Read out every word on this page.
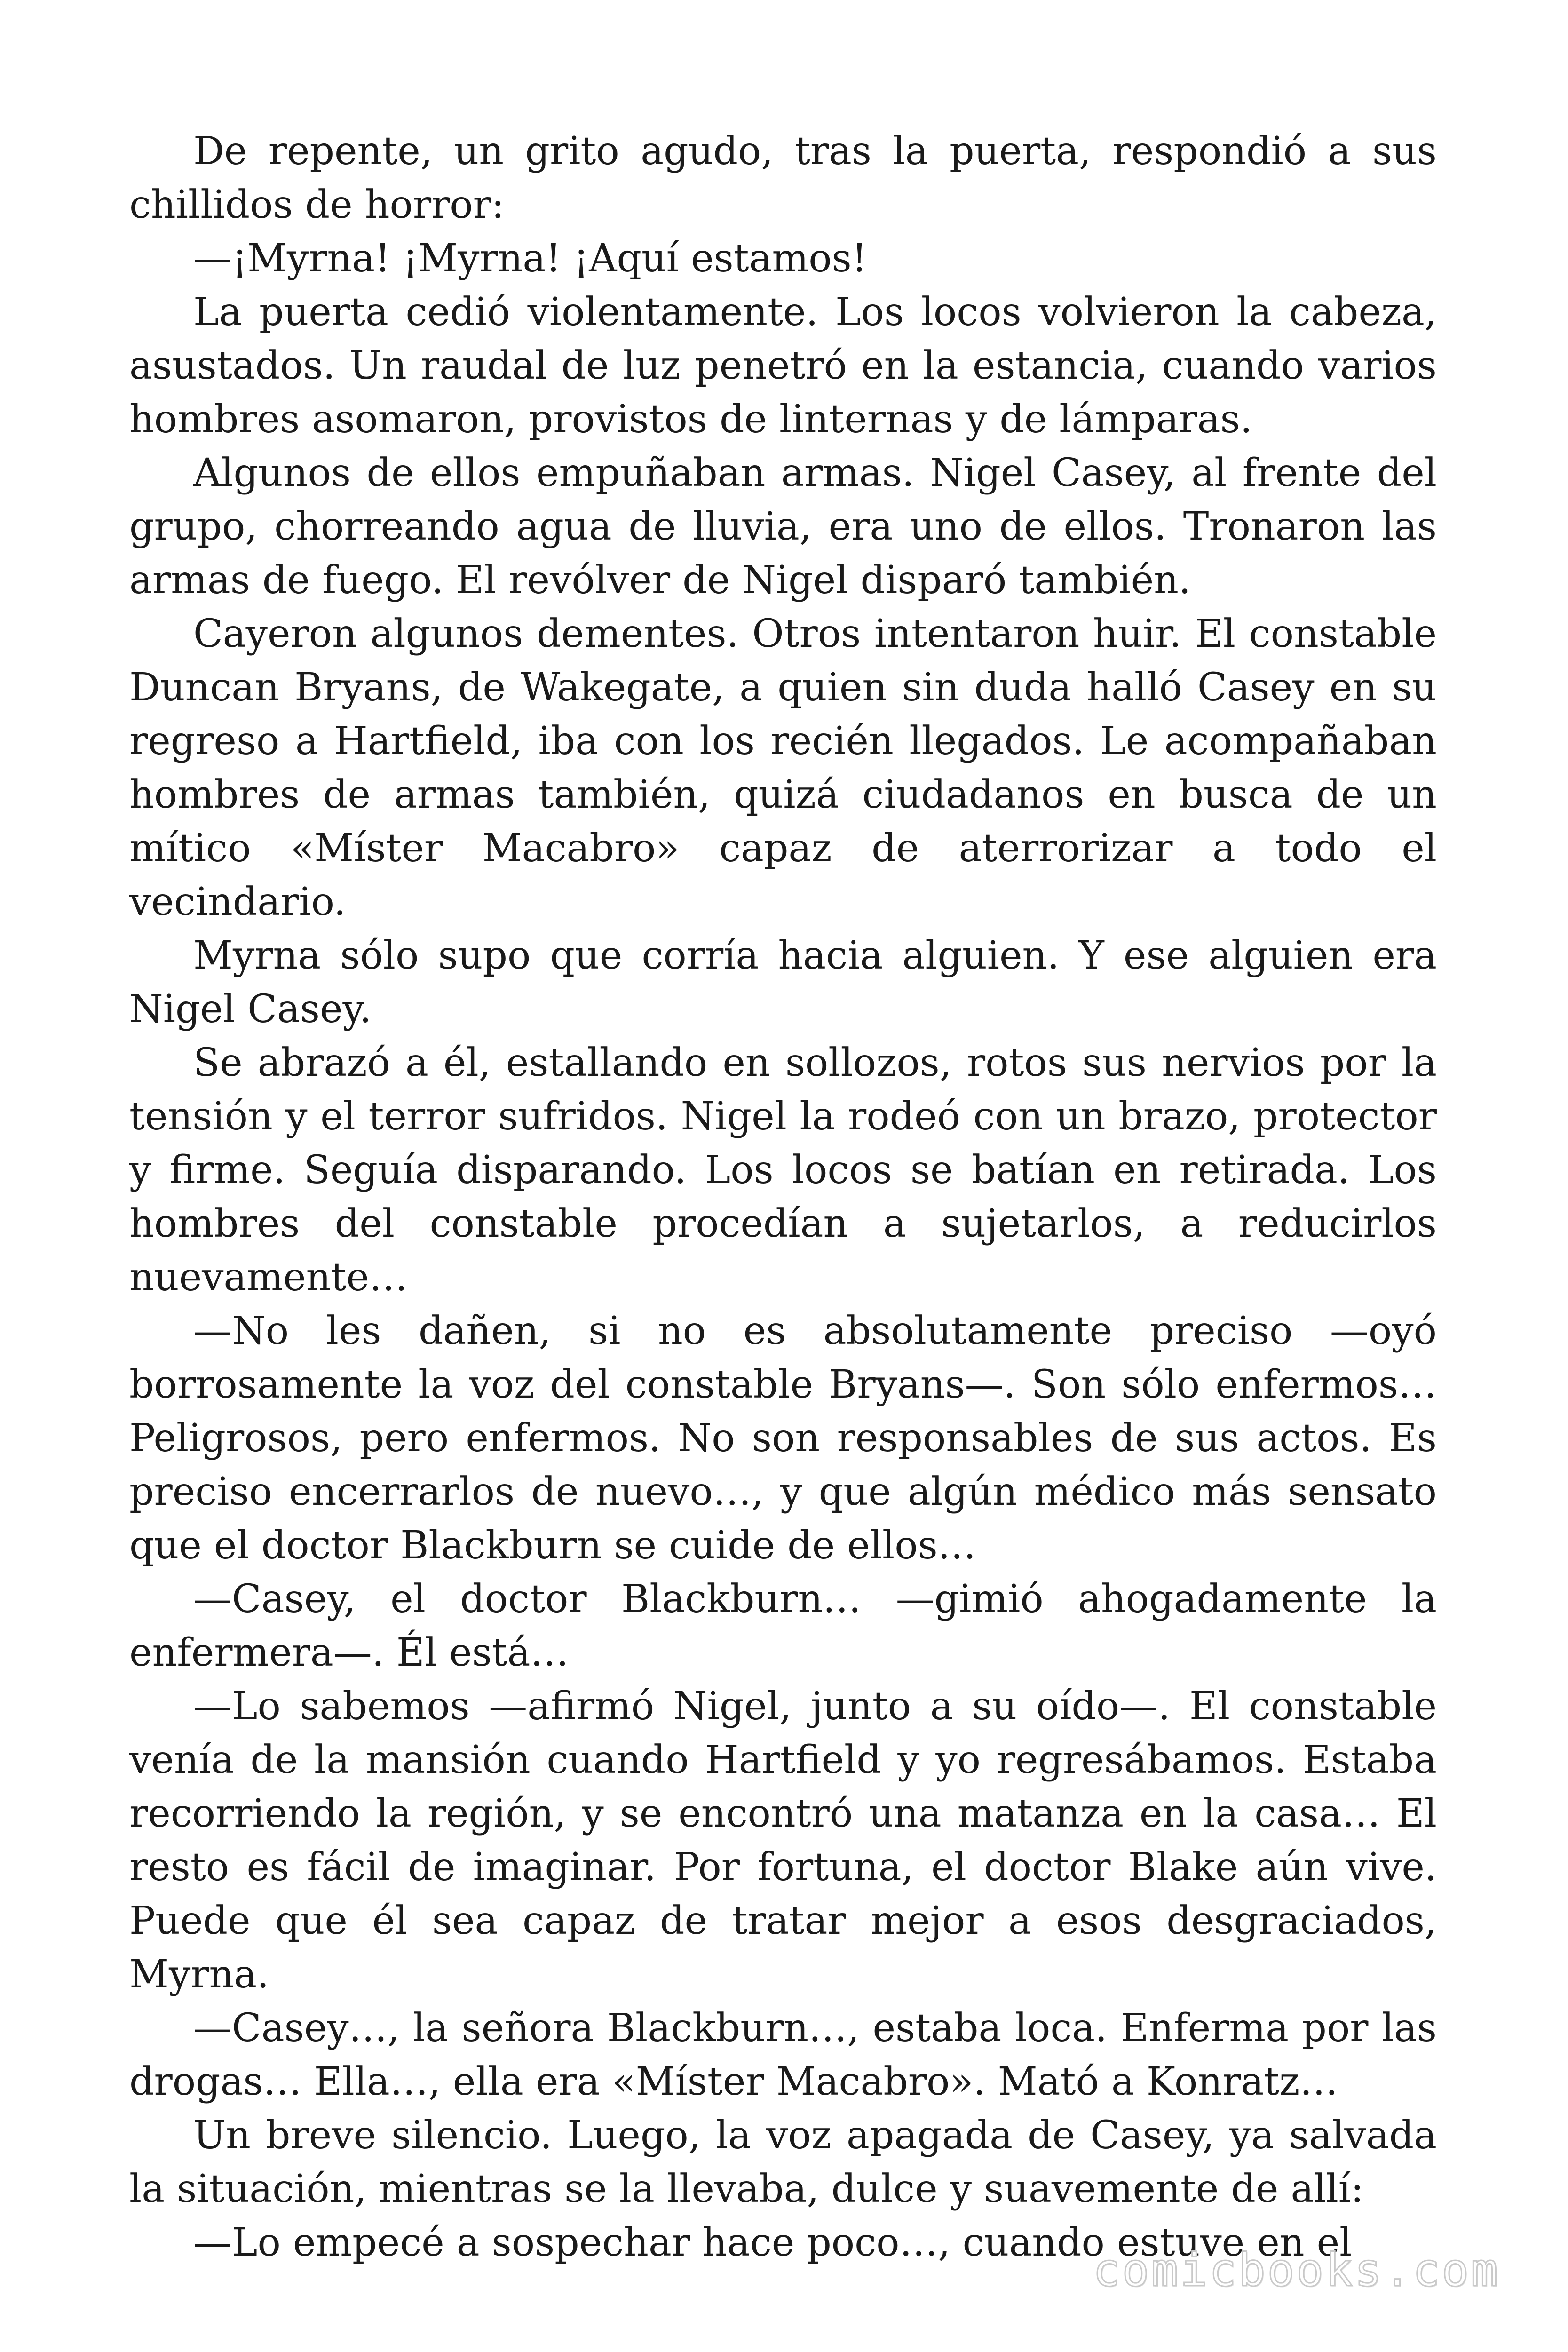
De repente, un grito agudo, tras la puerta, respondió a sus chillidos de horror:

—¡Myrna! ¡Myrna! ¡Aquí estamos!

La puerta cedió violentamente. Los locos volvieron la cabeza, asustados. Un raudal de luz penetró en la estancia, cuando varios hombres asomaron, provistos de linternas y de lámparas.

Algunos de ellos empuñaban armas. Nigel Casey, al frente del grupo, chorreando agua de lluvia, era uno de ellos. Tronaron las armas de fuego. El revólver de Nigel disparó también.

Cayeron algunos dementes. Otros intentaron huir. El constable Duncan Bryans, de Wakegate, a quien sin duda halló Casey en su regreso a Hartfield, iba con los recién llegados. Le acompañaban hombres de armas también, quizá ciudadanos en busca de un mítico «Míster Macabro» capaz de aterrorizar a todo el vecindario.

Myrna sólo supo que corría hacia alguien. Y ese alguien era Nigel Casey.

Se abrazó a él, estallando en sollozos, rotos sus nervios por la tensión y el terror sufridos. Nigel la rodeó con un brazo, protector y firme. Seguía disparando. Los locos se batían en retirada. Los hombres del constable procedían a sujetarlos, a reducirlos nuevamente…

—No les dañen, si no es absolutamente preciso —oyó borrosamente la voz del constable Bryans—. Son sólo enfermos… Peligrosos, pero enfermos. No son responsables de sus actos. Es preciso encerrarlos de nuevo…, y que algún médico más sensato que el doctor Blackburn se cuide de ellos…

—Casey, el doctor Blackburn… —gimió ahogadamente la enfermera—. Él está…

—Lo sabemos —afirmó Nigel, junto a su oído—. El constable venía de la mansión cuando Hartfield y yo regresábamos. Estaba recorriendo la región, y se encontró una matanza en la casa… El resto es fácil de imaginar. Por fortuna, el doctor Blake aún vive. Puede que él sea capaz de tratar mejor a esos desgraciados, Myrna.

—Casey…, la señora Blackburn…, estaba loca. Enferma por las drogas… Ella…, ella era «Míster Macabro». Mató a Konratz…

Un breve silencio. Luego, la voz apagada de Casey, ya salvada la situación, mientras se la llevaba, dulce y suavemente de allí:

—Lo empecé a sospechar hace poco…, cuando estuve en el

comicbooks.com
